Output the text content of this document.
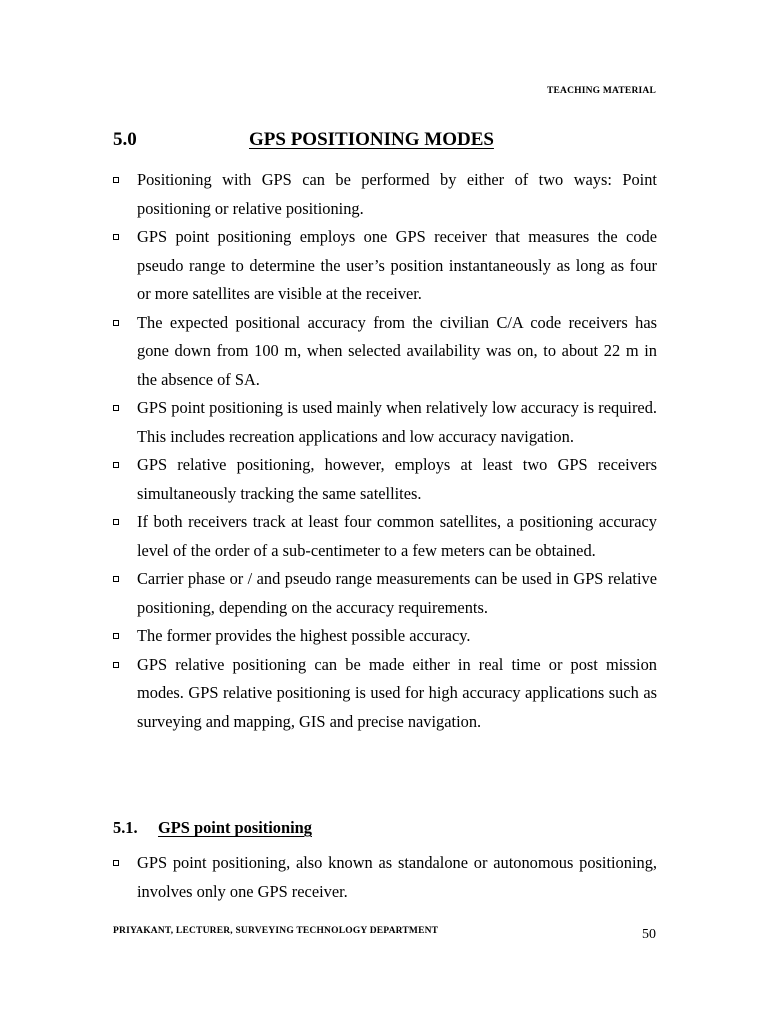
TEACHING MATERIAL
5.0	GPS POSITIONING MODES
Positioning with GPS can be performed by either of two ways: Point positioning or relative positioning.
GPS point positioning employs one GPS receiver that measures the code pseudo range to determine the user’s position instantaneously as long as four or more satellites are visible at the receiver.
The expected positional accuracy from the civilian C/A code receivers has gone down from 100 m, when selected availability was on, to about 22 m in the absence of SA.
GPS point positioning is used mainly when relatively low accuracy is required. This includes recreation applications and low accuracy navigation.
GPS relative positioning, however, employs at least two GPS receivers simultaneously tracking the same satellites.
If both receivers track at least four common satellites, a positioning accuracy level of the order of a sub-centimeter to a few meters can be obtained.
Carrier phase or / and pseudo range measurements can be used in GPS relative positioning, depending on the accuracy requirements.
The former provides the highest possible accuracy.
GPS relative positioning can be made either in real time or post mission modes. GPS relative positioning is used for high accuracy applications such as surveying and mapping, GIS and precise navigation.
5.1. GPS point positioning
GPS point positioning, also known as standalone or autonomous positioning, involves only one GPS receiver.
PRIYAKANT, LECTURER, SURVEYING TECHNOLOGY DEPARTMENT	50
